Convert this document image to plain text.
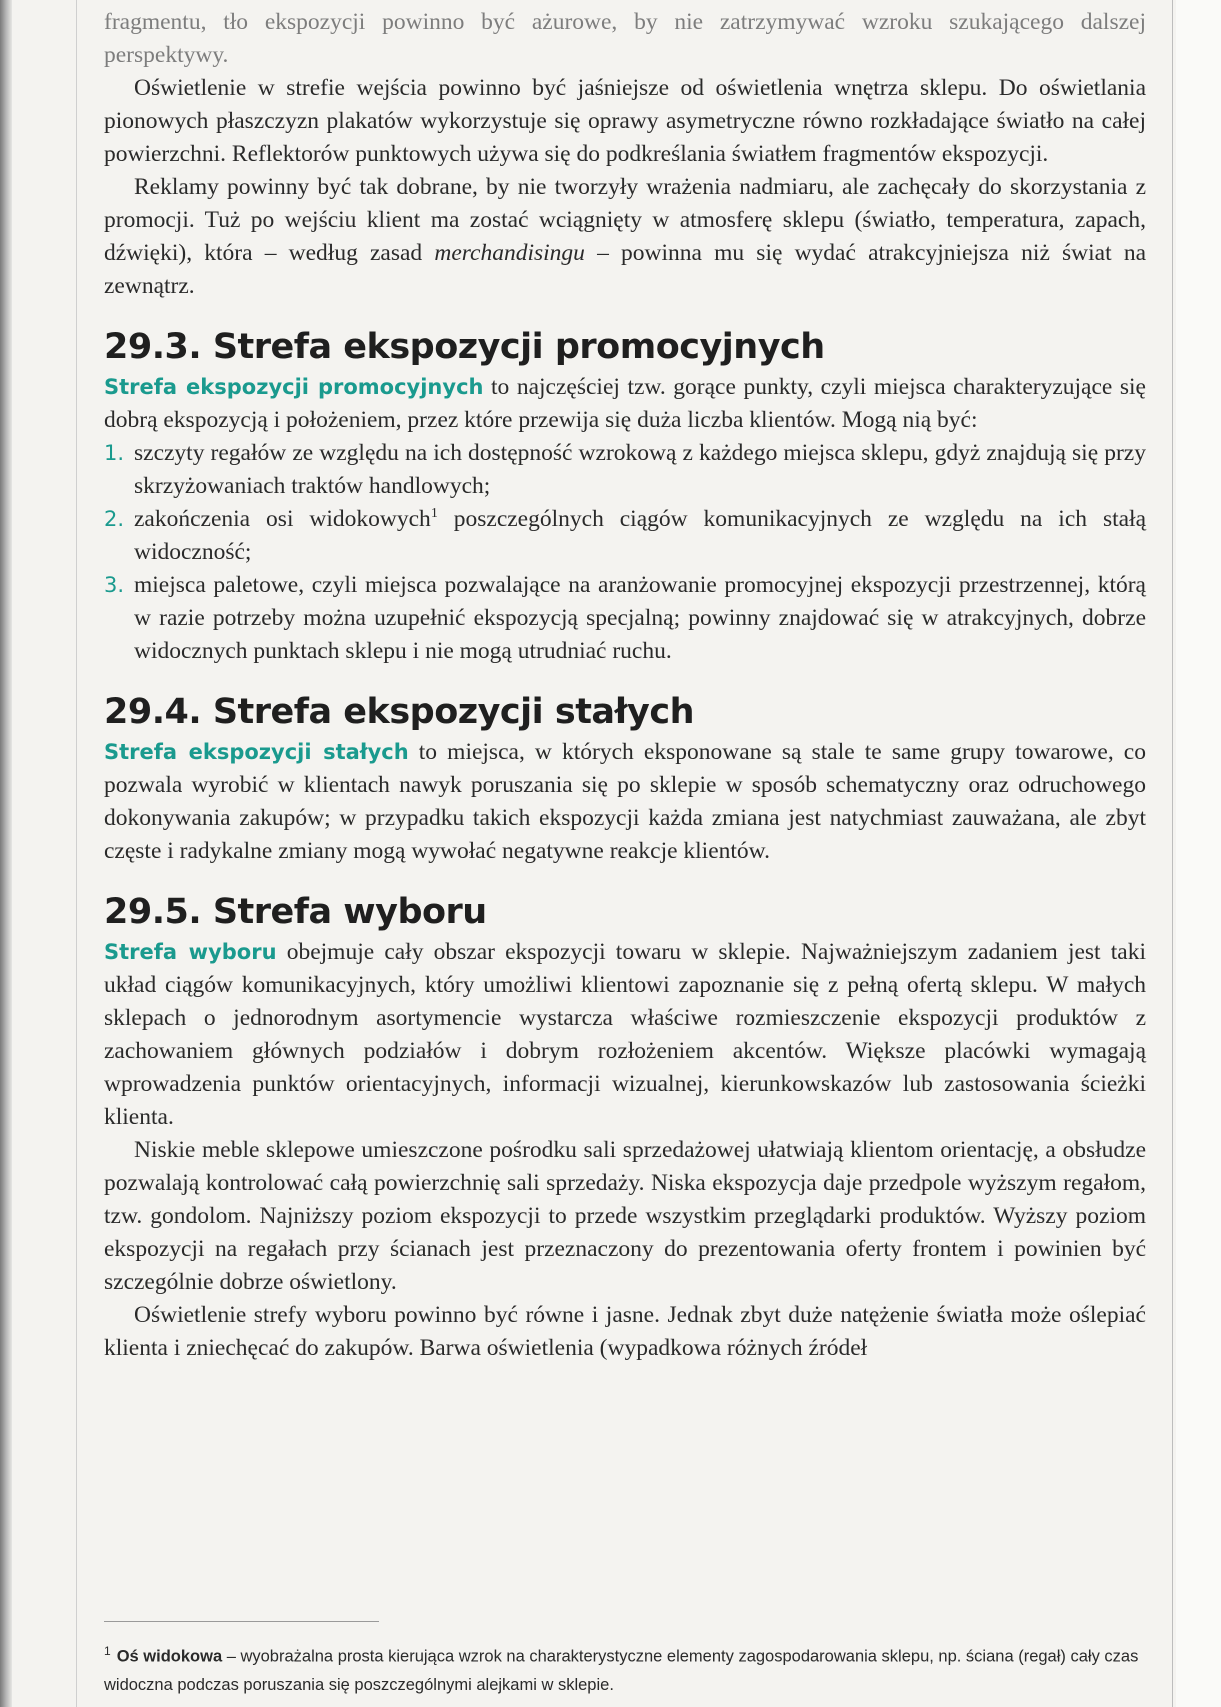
fragmentu, tło ekspozycji powinno być ażurowe, by nie zatrzymywać wzroku szukającego dalszej perspektywy.

Oświetlenie w strefie wejścia powinno być jaśniejsze od oświetlenia wnętrza sklepu. Do oświetlania pionowych płaszczyzn plakatów wykorzystuje się oprawy asymetryczne równo rozkładające światło na całej powierzchni. Reflektorów punktowych używa się do podkreślania światłem fragmentów ekspozycji.

Reklamy powinny być tak dobrane, by nie tworzyły wrażenia nadmiaru, ale zachęcały do skorzystania z promocji. Tuż po wejściu klient ma zostać wciągnięty w atmosferę sklepu (światło, temperatura, zapach, dźwięki), która – według zasad merchandisingu – powinna mu się wydać atrakcyjniejsza niż świat na zewnątrz.

29.3. Strefa ekspozycji promocyjnych

Strefa ekspozycji promocyjnych to najczęściej tzw. gorące punkty, czyli miejsca charakteryzujące się dobrą ekspozycją i położeniem, przez które przewija się duża liczba klientów. Mogą nią być:

1. szczyty regałów ze względu na ich dostępność wzrokową z każdego miejsca sklepu, gdyż znajdują się przy skrzyżowaniach traktów handlowych;
2. zakończenia osi widokowych$^1$ poszczególnych ciągów komunikacyjnych ze względu na ich stałą widoczność;
3. miejsca paletowe, czyli miejsca pozwalające na aranżowanie promocyjnej ekspozycji przestrzennej, którą w razie potrzeby można uzupełnić ekspozycją specjalną; powinny znajdować się w atrakcyjnych, dobrze widocznych punktach sklepu i nie mogą utrudniać ruchu.
29.4. Strefa ekspozycji stałych

Strefa ekspozycji stałych to miejsca, w których eksponowane są stale te same grupy towarowe, co pozwala wyrobić w klientach nawyk poruszania się po sklepie w sposób schematyczny oraz odruchowego dokonywania zakupów; w przypadku takich ekspozycji każda zmiana jest natychmiast zauważana, ale zbyt częste i radykalne zmiany mogą wywołać negatywne reakcje klientów.

29.5. Strefa wyboru

Strefa wyboru obejmuje cały obszar ekspozycji towaru w sklepie. Najważniejszym zadaniem jest taki układ ciągów komunikacyjnych, który umożliwi klientowi zapoznanie się z pełną ofertą sklepu. W małych sklepach o jednorodnym asortymencie wystarcza właściwe rozmieszczenie ekspozycji produktów z zachowaniem głównych podziałów i dobrym rozłożeniem akcentów. Większe placówki wymagają wprowadzenia punktów orientacyjnych, informacji wizualnej, kierunkowskazów lub zastosowania ścieżki klienta.

Niskie meble sklepowe umieszczone pośrodku sali sprzedażowej ułatwiają klientom orientację, a obsłudze pozwalają kontrolować całą powierzchnię sali sprzedaży. Niska ekspozycja daje przedpole wyższym regałom, tzw. gondolom. Najniższy poziom ekspozycji to przede wszystkim przeglądarki produktów. Wyższy poziom ekspozycji na regałach przy ścianach jest przeznaczony do prezentowania oferty frontem i powinien być szczególnie dobrze oświetlony.

Oświetlenie strefy wyboru powinno być równe i jasne. Jednak zbyt duże natężenie światła może oślepiać klienta i zniechęcać do zakupów. Barwa oświetlenia (wypadkowa różnych źródeł

$^1$ Oś widokowa – wyobrażalna prosta kierująca wzrok na charakterystyczne elementy zagospodarowania sklepu, np. ściana (regał) cały czas widoczna podczas poruszania się poszczególnymi alejkami w sklepie.
